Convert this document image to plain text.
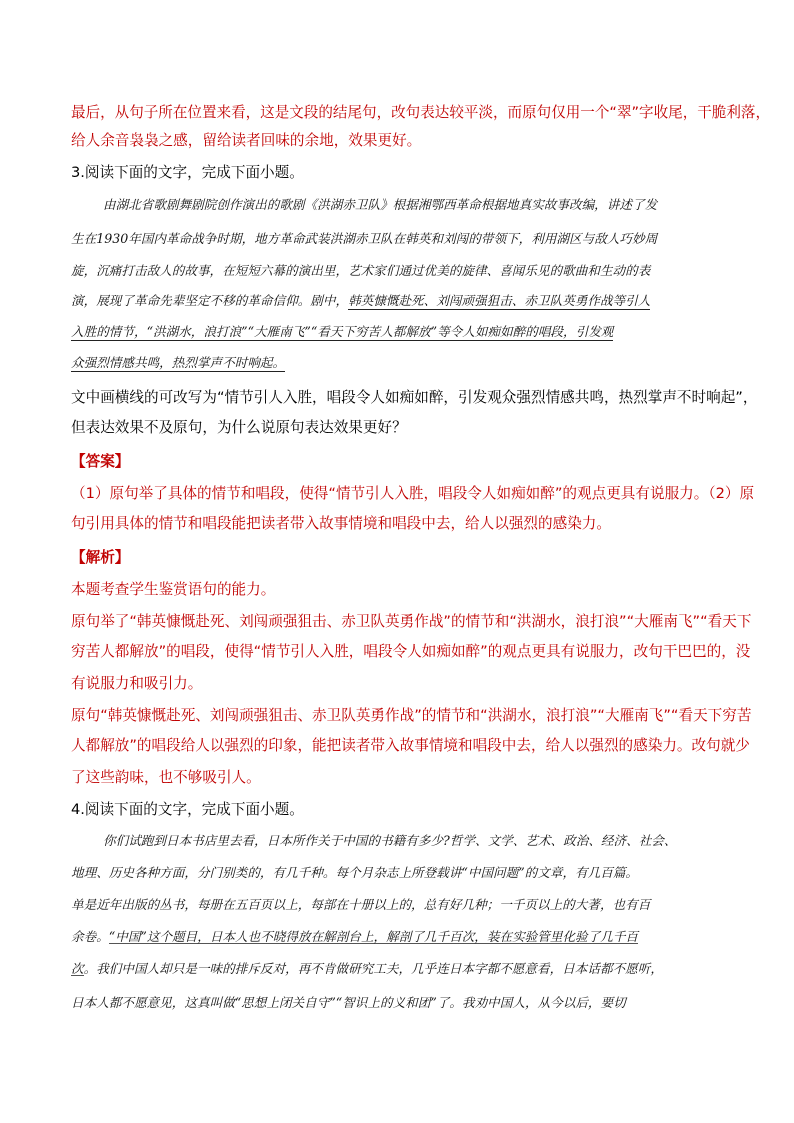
最后，从句子所在位置来看，这是文段的结尾句，改句表达较平淡，而原句仅用一个“翠”字收尾，干脆利落，
给人余音袅袅之感，留给读者回味的余地，效果更好。
3.阅读下面的文字，完成下面小题。
由湖北省歌剧舞剧院创作演出的歌剧《洪湖赤卫队》根据湘鄂西革命根据地真实故事改编，讲述了发
生在1930年国内革命战争时期，地方革命武装洪湖赤卫队在韩英和刘闯的带领下，利用湖区与敌人巧妙周
旋，沉痛打击敌人的故事，在短短六幕的演出里，艺术家们通过优美的旋律、喜闻乐见的歌曲和生动的表
演，展现了革命先辈坚定不移的革命信仰。剧中，韩英慷慨赴死、刘闯顽强狙击、赤卫队英勇作战等引人
入胜的情节，“洪湖水，浪打浪”“大雁南飞”“看天下穷苦人都解放”等令人如痴如醉的唱段，引发观
众强烈情感共鸣，热烈掌声不时响起。
文中画横线的可改写为“情节引人入胜，唱段令人如痴如醉，引发观众强烈情感共鸣，热烈掌声不时响起”，
但表达效果不及原句，为什么说原句表达效果更好？
【答案】
（1）原句举了具体的情节和唱段，使得“情节引人入胜，唱段令人如痴如醉”的观点更具有说服力。（2）原
句引用具体的情节和唱段能把读者带入故事情境和唱段中去，给人以强烈的感染力。
【解析】
本题考查学生鉴赏语句的能力。
原句举了“韩英慷慨赴死、刘闯顽强狙击、赤卫队英勇作战”的情节和“洪湖水，浪打浪”“大雁南飞”“看天下
穷苦人都解放”的唱段，使得“情节引人入胜，唱段令人如痴如醉”的观点更具有说服力，改句干巴巴的，没
有说服力和吸引力。
原句“韩英慷慨赴死、刘闯顽强狙击、赤卫队英勇作战”的情节和“洪湖水，浪打浪”“大雁南飞”“看天下穷苦
人都解放”的唱段给人以强烈的印象，能把读者带入故事情境和唱段中去，给人以强烈的感染力。改句就少
了这些韵味，也不够吸引人。
4.阅读下面的文字，完成下面小题。
你们试跑到日本书店里去看，日本所作关于中国的书籍有多少?哲学、文学、艺术、政治、经济、社会、
地理、历史各种方面，分门别类的，有几千种。每个月杂志上所登载讲“中国问题”的文章，有几百篇。
单是近年出版的丛书，每册在五百页以上，每部在十册以上的，总有好几种；一千页以上的大著，也有百
余卷。“中国”这个题目，日本人也不晓得放在解剖台上，解剖了几千百次，装在实验管里化验了几千百
次。我们中国人却只是一味的排斥反对，再不肯做研究工夫，几乎连日本字都不愿意看，日本话都不愿听，
日本人都不愿意见，这真叫做“思想上闭关自守”“智识上的义和团”了。我劝中国人，从今以后，要切
